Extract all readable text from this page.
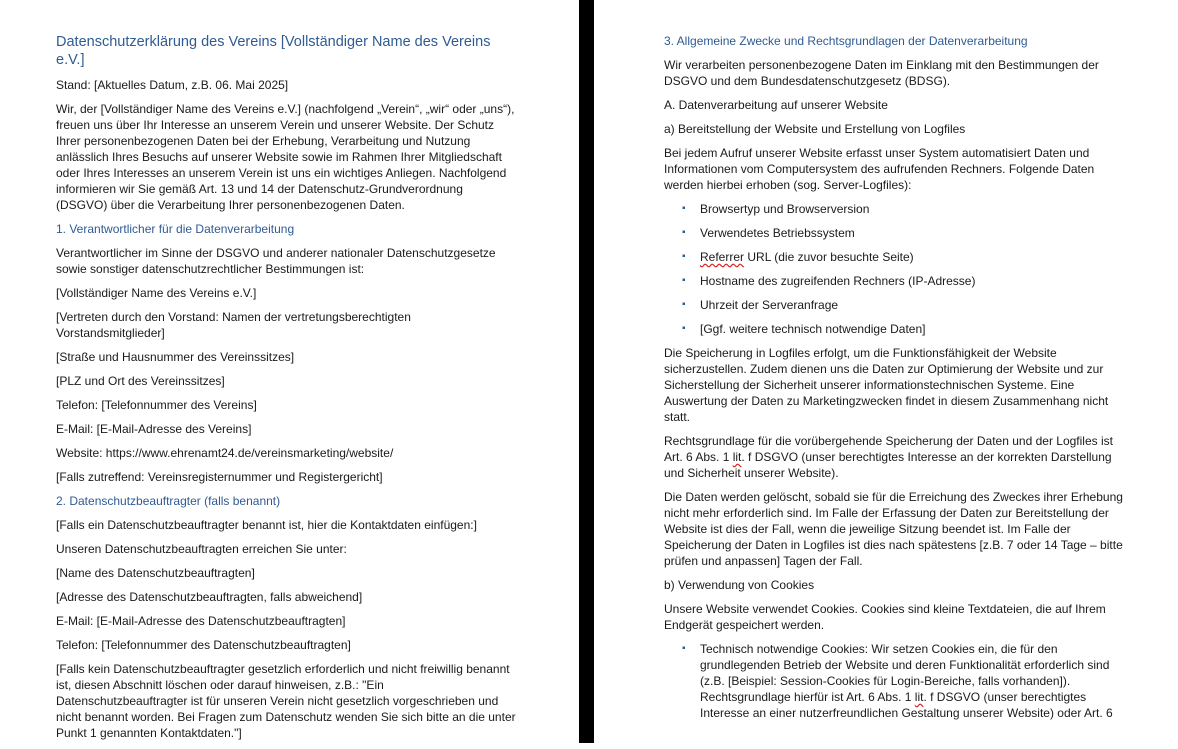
Datenschutzerklärung des Vereins [Vollständiger Name des Vereins e.V.]

Stand: [Aktuelles Datum, z.B. 06. Mai 2025]

Wir, der [Vollständiger Name des Vereins e.V.] (nachfolgend „Verein“, „wir“ oder „uns“), freuen uns über Ihr Interesse an unserem Verein und unserer Website. Der Schutz Ihrer personenbezogenen Daten bei der Erhebung, Verarbeitung und Nutzung anlässlich Ihres Besuchs auf unserer Website sowie im Rahmen Ihrer Mitgliedschaft oder Ihres Interesses an unserem Verein ist uns ein wichtiges Anliegen. Nachfolgend informieren wir Sie gemäß Art. 13 und 14 der Datenschutz-Grundverordnung (DSGVO) über die Verarbeitung Ihrer personenbezogenen Daten.

1. Verantwortlicher für die Datenverarbeitung

Verantwortlicher im Sinne der DSGVO und anderer nationaler Datenschutzgesetze sowie sonstiger datenschutzrechtlicher Bestimmungen ist:

[Vollständiger Name des Vereins e.V.]

[Vertreten durch den Vorstand: Namen der vertretungsberechtigten Vorstandsmitglieder]

[Straße und Hausnummer des Vereinssitzes]

[PLZ und Ort des Vereinssitzes]

Telefon: [Telefonnummer des Vereins]

E-Mail: [E-Mail-Adresse des Vereins]

Website: https://www.ehrenamt24.de/vereinsmarketing/website/

[Falls zutreffend: Vereinsregisternummer und Registergericht]

2. Datenschutzbeauftragter (falls benannt)

[Falls ein Datenschutzbeauftragter benannt ist, hier die Kontaktdaten einfügen:]

Unseren Datenschutzbeauftragten erreichen Sie unter:

[Name des Datenschutzbeauftragten]

[Adresse des Datenschutzbeauftragten, falls abweichend]

E-Mail: [E-Mail-Adresse des Datenschutzbeauftragten]

Telefon: [Telefonnummer des Datenschutzbeauftragten]

[Falls kein Datenschutzbeauftragter gesetzlich erforderlich und nicht freiwillig benannt ist, diesen Abschnitt löschen oder darauf hinweisen, z.B.: "Ein Datenschutzbeauftragter ist für unseren Verein nicht gesetzlich vorgeschrieben und nicht benannt worden. Bei Fragen zum Datenschutz wenden Sie sich bitte an die unter Punkt 1 genannten Kontaktdaten."]

3. Allgemeine Zwecke und Rechtsgrundlagen der Datenverarbeitung

Wir verarbeiten personenbezogene Daten im Einklang mit den Bestimmungen der DSGVO und dem Bundesdatenschutzgesetz (BDSG).

A. Datenverarbeitung auf unserer Website

a) Bereitstellung der Website und Erstellung von Logfiles

Bei jedem Aufruf unserer Website erfasst unser System automatisiert Daten und Informationen vom Computersystem des aufrufenden Rechners. Folgende Daten werden hierbei erhoben (sog. Server-Logfiles):

▪ Browsertyp und Browserversion
▪ Verwendetes Betriebssystem
▪ Referrer URL (die zuvor besuchte Seite)
▪ Hostname des zugreifenden Rechners (IP-Adresse)
▪ Uhrzeit der Serveranfrage
▪ [Ggf. weitere technisch notwendige Daten]

Die Speicherung in Logfiles erfolgt, um die Funktionsfähigkeit der Website sicherzustellen. Zudem dienen uns die Daten zur Optimierung der Website und zur Sicherstellung der Sicherheit unserer informationstechnischen Systeme. Eine Auswertung der Daten zu Marketingzwecken findet in diesem Zusammenhang nicht statt.

Rechtsgrundlage für die vorübergehende Speicherung der Daten und der Logfiles ist Art. 6 Abs. 1 lit. f DSGVO (unser berechtigtes Interesse an der korrekten Darstellung und Sicherheit unserer Website).

Die Daten werden gelöscht, sobald sie für die Erreichung des Zweckes ihrer Erhebung nicht mehr erforderlich sind. Im Falle der Erfassung der Daten zur Bereitstellung der Website ist dies der Fall, wenn die jeweilige Sitzung beendet ist. Im Falle der Speicherung der Daten in Logfiles ist dies nach spätestens [z.B. 7 oder 14 Tage – bitte prüfen und anpassen] Tagen der Fall.

b) Verwendung von Cookies

Unsere Website verwendet Cookies. Cookies sind kleine Textdateien, die auf Ihrem Endgerät gespeichert werden.

▪ Technisch notwendige Cookies: Wir setzen Cookies ein, die für den grundlegenden Betrieb der Website und deren Funktionalität erforderlich sind (z.B. [Beispiel: Session-Cookies für Login-Bereiche, falls vorhanden]). Rechtsgrundlage hierfür ist Art. 6 Abs. 1 lit. f DSGVO (unser berechtigtes Interesse an einer nutzerfreundlichen Gestaltung unserer Website) oder Art. 6
